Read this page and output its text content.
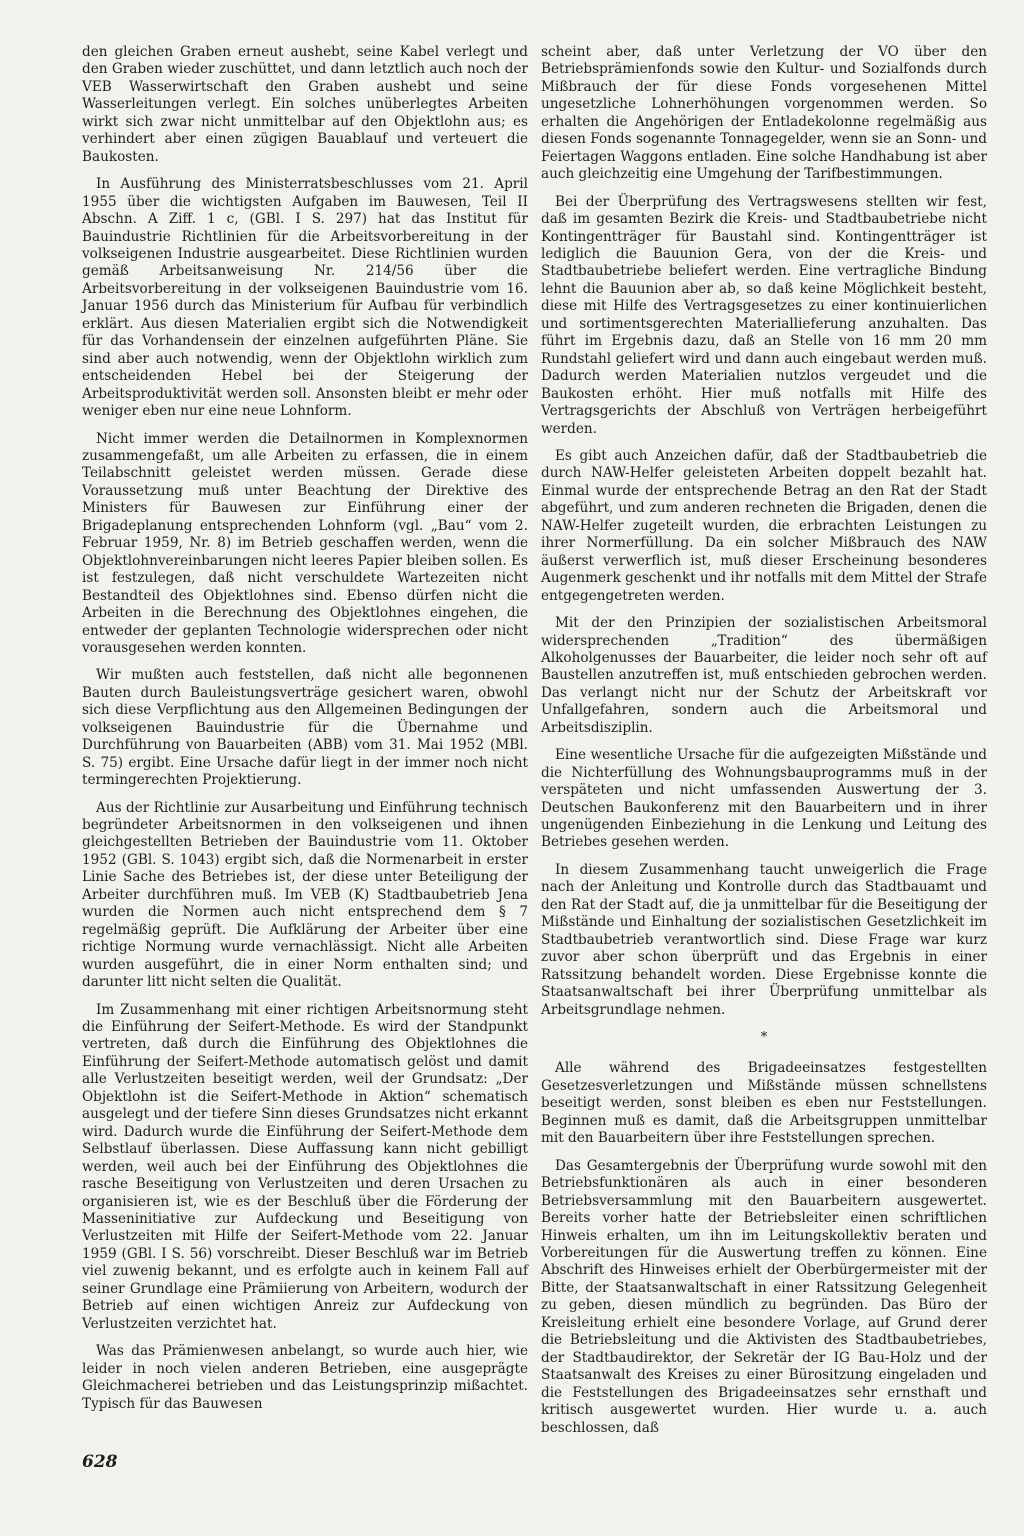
den gleichen Graben erneut aushebt, seine Kabel verlegt und den Graben wieder zuschüttet, und dann letztlich auch noch der VEB Wasserwirtschaft den Graben aushebt und seine Wasserleitungen verlegt. Ein solches unüberlegtes Arbeiten wirkt sich zwar nicht unmittelbar auf den Objektlohn aus; es verhindert aber einen zügigen Bauablauf und verteuert die Baukosten.

In Ausführung des Ministerratsbeschlusses vom 21. April 1955 über die wichtigsten Aufgaben im Bauwesen, Teil II Abschn. A Ziff. 1 c, (GBl. I S. 297) hat das Institut für Bauindustrie Richtlinien für die Arbeitsvorbereitung in der volkseigenen Industrie ausgearbeitet. Diese Richtlinien wurden gemäß Arbeitsanweisung Nr. 214/56 über die Arbeitsvorbereitung in der volkseigenen Bauindustrie vom 16. Januar 1956 durch das Ministerium für Aufbau für verbindlich erklärt. Aus diesen Materialien ergibt sich die Notwendigkeit für das Vorhandensein der einzelnen aufgeführten Pläne. Sie sind aber auch notwendig, wenn der Objektlohn wirklich zum entscheidenden Hebel bei der Steigerung der Arbeitsproduktivität werden soll. Ansonsten bleibt er mehr oder weniger eben nur eine neue Lohnform.

Nicht immer werden die Detailnormen in Komplexnormen zusammengefaßt, um alle Arbeiten zu erfassen, die in einem Teilabschnitt geleistet werden müssen. Gerade diese Voraussetzung muß unter Beachtung der Direktive des Ministers für Bauwesen zur Einführung einer der Brigadeplanung entsprechenden Lohnform (vgl. „Bau“ vom 2. Februar 1959, Nr. 8) im Betrieb geschaffen werden, wenn die Objektlohnvereinbarungen nicht leeres Papier bleiben sollen. Es ist festzulegen, daß nicht verschuldete Wartezeiten nicht Bestandteil des Objektlohnes sind. Ebenso dürfen nicht die Arbeiten in die Berechnung des Objektlohnes eingehen, die entweder der geplanten Technologie widersprechen oder nicht vorausgesehen werden konnten.

Wir mußten auch feststellen, daß nicht alle begonnenen Bauten durch Bauleistungsverträge gesichert waren, obwohl sich diese Verpflichtung aus den Allgemeinen Bedingungen der volkseigenen Bauindustrie für die Übernahme und Durchführung von Bauarbeiten (ABB) vom 31. Mai 1952 (MBl. S. 75) ergibt. Eine Ursache dafür liegt in der immer noch nicht termingerechten Projektierung.

Aus der Richtlinie zur Ausarbeitung und Einführung technisch begründeter Arbeitsnormen in den volkseigenen und ihnen gleichgestellten Betrieben der Bauindustrie vom 11. Oktober 1952 (GBl. S. 1043) ergibt sich, daß die Normenarbeit in erster Linie Sache des Betriebes ist, der diese unter Beteiligung der Arbeiter durchführen muß. Im VEB (K) Stadtbaubetrieb Jena wurden die Normen auch nicht entsprechend dem § 7 regelmäßig geprüft. Die Aufklärung der Arbeiter über eine richtige Normung wurde vernachlässigt. Nicht alle Arbeiten wurden ausgeführt, die in einer Norm enthalten sind; und darunter litt nicht selten die Qualität.

Im Zusammenhang mit einer richtigen Arbeitsnormung steht die Einführung der Seifert-Methode. Es wird der Standpunkt vertreten, daß durch die Einführung des Objektlohnes die Einführung der Seifert-Methode automatisch gelöst und damit alle Verlustzeiten beseitigt werden, weil der Grundsatz: „Der Objektlohn ist die Seifert-Methode in Aktion“ schematisch ausgelegt und der tiefere Sinn dieses Grundsatzes nicht erkannt wird. Dadurch wurde die Einführung der Seifert-Methode dem Selbstlauf überlassen. Diese Auffassung kann nicht gebilligt werden, weil auch bei der Einführung des Objektlohnes die rasche Beseitigung von Verlustzeiten und deren Ursachen zu organisieren ist, wie es der Beschluß über die Förderung der Masseninitiative zur Aufdeckung und Beseitigung von Verlustzeiten mit Hilfe der Seifert-Methode vom 22. Januar 1959 (GBl. I S. 56) vorschreibt. Dieser Beschluß war im Betrieb viel zuwenig bekannt, und es erfolgte auch in keinem Fall auf seiner Grundlage eine Prämiierung von Arbeitern, wodurch der Betrieb auf einen wichtigen Anreiz zur Aufdeckung von Verlustzeiten verzichtet hat.

Was das Prämienwesen anbelangt, so wurde auch hier, wie leider in noch vielen anderen Betrieben, eine ausgeprägte Gleichmacherei betrieben und das Leistungsprinzip mißachtet. Typisch für das Bauwesen

scheint aber, daß unter Verletzung der VO über den Betriebsprämienfonds sowie den Kultur- und Sozialfonds durch Mißbrauch der für diese Fonds vorgesehenen Mittel ungesetzliche Lohnerhöhungen vorgenommen werden. So erhalten die Angehörigen der Entladekolonne regelmäßig aus diesen Fonds sogenannte Tonnagegelder, wenn sie an Sonn- und Feiertagen Waggons entladen. Eine solche Handhabung ist aber auch gleichzeitig eine Umgehung der Tarifbestimmungen.

Bei der Überprüfung des Vertragswesens stellten wir fest, daß im gesamten Bezirk die Kreis- und Stadtbaubetriebe nicht Kontingentträger für Baustahl sind. Kontingentträger ist lediglich die Bauunion Gera, von der die Kreis- und Stadtbaubetriebe beliefert werden. Eine vertragliche Bindung lehnt die Bauunion aber ab, so daß keine Möglichkeit besteht, diese mit Hilfe des Vertragsgesetzes zu einer kontinuierlichen und sortimentsgerechten Materiallieferung anzuhalten. Das führt im Ergebnis dazu, daß an Stelle von 16 mm 20 mm Rundstahl geliefert wird und dann auch eingebaut werden muß. Dadurch werden Materialien nutzlos vergeudet und die Baukosten erhöht. Hier muß notfalls mit Hilfe des Vertragsgerichts der Abschluß von Verträgen herbeigeführt werden.

Es gibt auch Anzeichen dafür, daß der Stadtbaubetrieb die durch NAW-Helfer geleisteten Arbeiten doppelt bezahlt hat. Einmal wurde der entsprechende Betrag an den Rat der Stadt abgeführt, und zum anderen rechneten die Brigaden, denen die NAW-Helfer zugeteilt wurden, die erbrachten Leistungen zu ihrer Normerfüllung. Da ein solcher Mißbrauch des NAW äußerst verwerflich ist, muß dieser Erscheinung besonderes Augenmerk geschenkt und ihr notfalls mit dem Mittel der Strafe entgegengetreten werden.

Mit der den Prinzipien der sozialistischen Arbeitsmoral widersprechenden „Tradition“ des übermäßigen Alkoholgenusses der Bauarbeiter, die leider noch sehr oft auf Baustellen anzutreffen ist, muß entschieden gebrochen werden. Das verlangt nicht nur der Schutz der Arbeitskraft vor Unfallgefahren, sondern auch die Arbeitsmoral und Arbeitsdisziplin.

Eine wesentliche Ursache für die aufgezeigten Mißstände und die Nichterfüllung des Wohnungsbauprogramms muß in der verspäteten und nicht umfassenden Auswertung der 3. Deutschen Baukonferenz mit den Bauarbeitern und in ihrer ungenügenden Einbeziehung in die Lenkung und Leitung des Betriebes gesehen werden.

In diesem Zusammenhang taucht unweigerlich die Frage nach der Anleitung und Kontrolle durch das Stadtbauamt und den Rat der Stadt auf, die ja unmittelbar für die Beseitigung der Mißstände und Einhaltung der sozialistischen Gesetzlichkeit im Stadtbaubetrieb verantwortlich sind. Diese Frage war kurz zuvor aber schon überprüft und das Ergebnis in einer Ratssitzung behandelt worden. Diese Ergebnisse konnte die Staatsanwaltschaft bei ihrer Überprüfung unmittelbar als Arbeitsgrundlage nehmen.

*

Alle während des Brigadeeinsatzes festgestellten Gesetzesverletzungen und Mißstände müssen schnellstens beseitigt werden, sonst bleiben es eben nur Feststellungen. Beginnen muß es damit, daß die Arbeitsgruppen unmittelbar mit den Bauarbeitern über ihre Feststellungen sprechen.

Das Gesamtergebnis der Überprüfung wurde sowohl mit den Betriebsfunktionären als auch in einer besonderen Betriebsversammlung mit den Bauarbeitern ausgewertet. Bereits vorher hatte der Betriebsleiter einen schriftlichen Hinweis erhalten, um ihn im Leitungskollektiv beraten und Vorbereitungen für die Auswertung treffen zu können. Eine Abschrift des Hinweises erhielt der Oberbürgermeister mit der Bitte, der Staatsanwaltschaft in einer Ratssitzung Gelegenheit zu geben, diesen mündlich zu begründen. Das Büro der Kreisleitung erhielt eine besondere Vorlage, auf Grund derer die Betriebsleitung und die Aktivisten des Stadtbaubetriebes, der Stadtbaudirektor, der Sekretär der IG Bau-Holz und der Staatsanwalt des Kreises zu einer Bürositzung eingeladen und die Feststellungen des Brigadeeinsatzes sehr ernsthaft und kritisch ausgewertet wurden. Hier wurde u. a. auch beschlossen, daß

628
